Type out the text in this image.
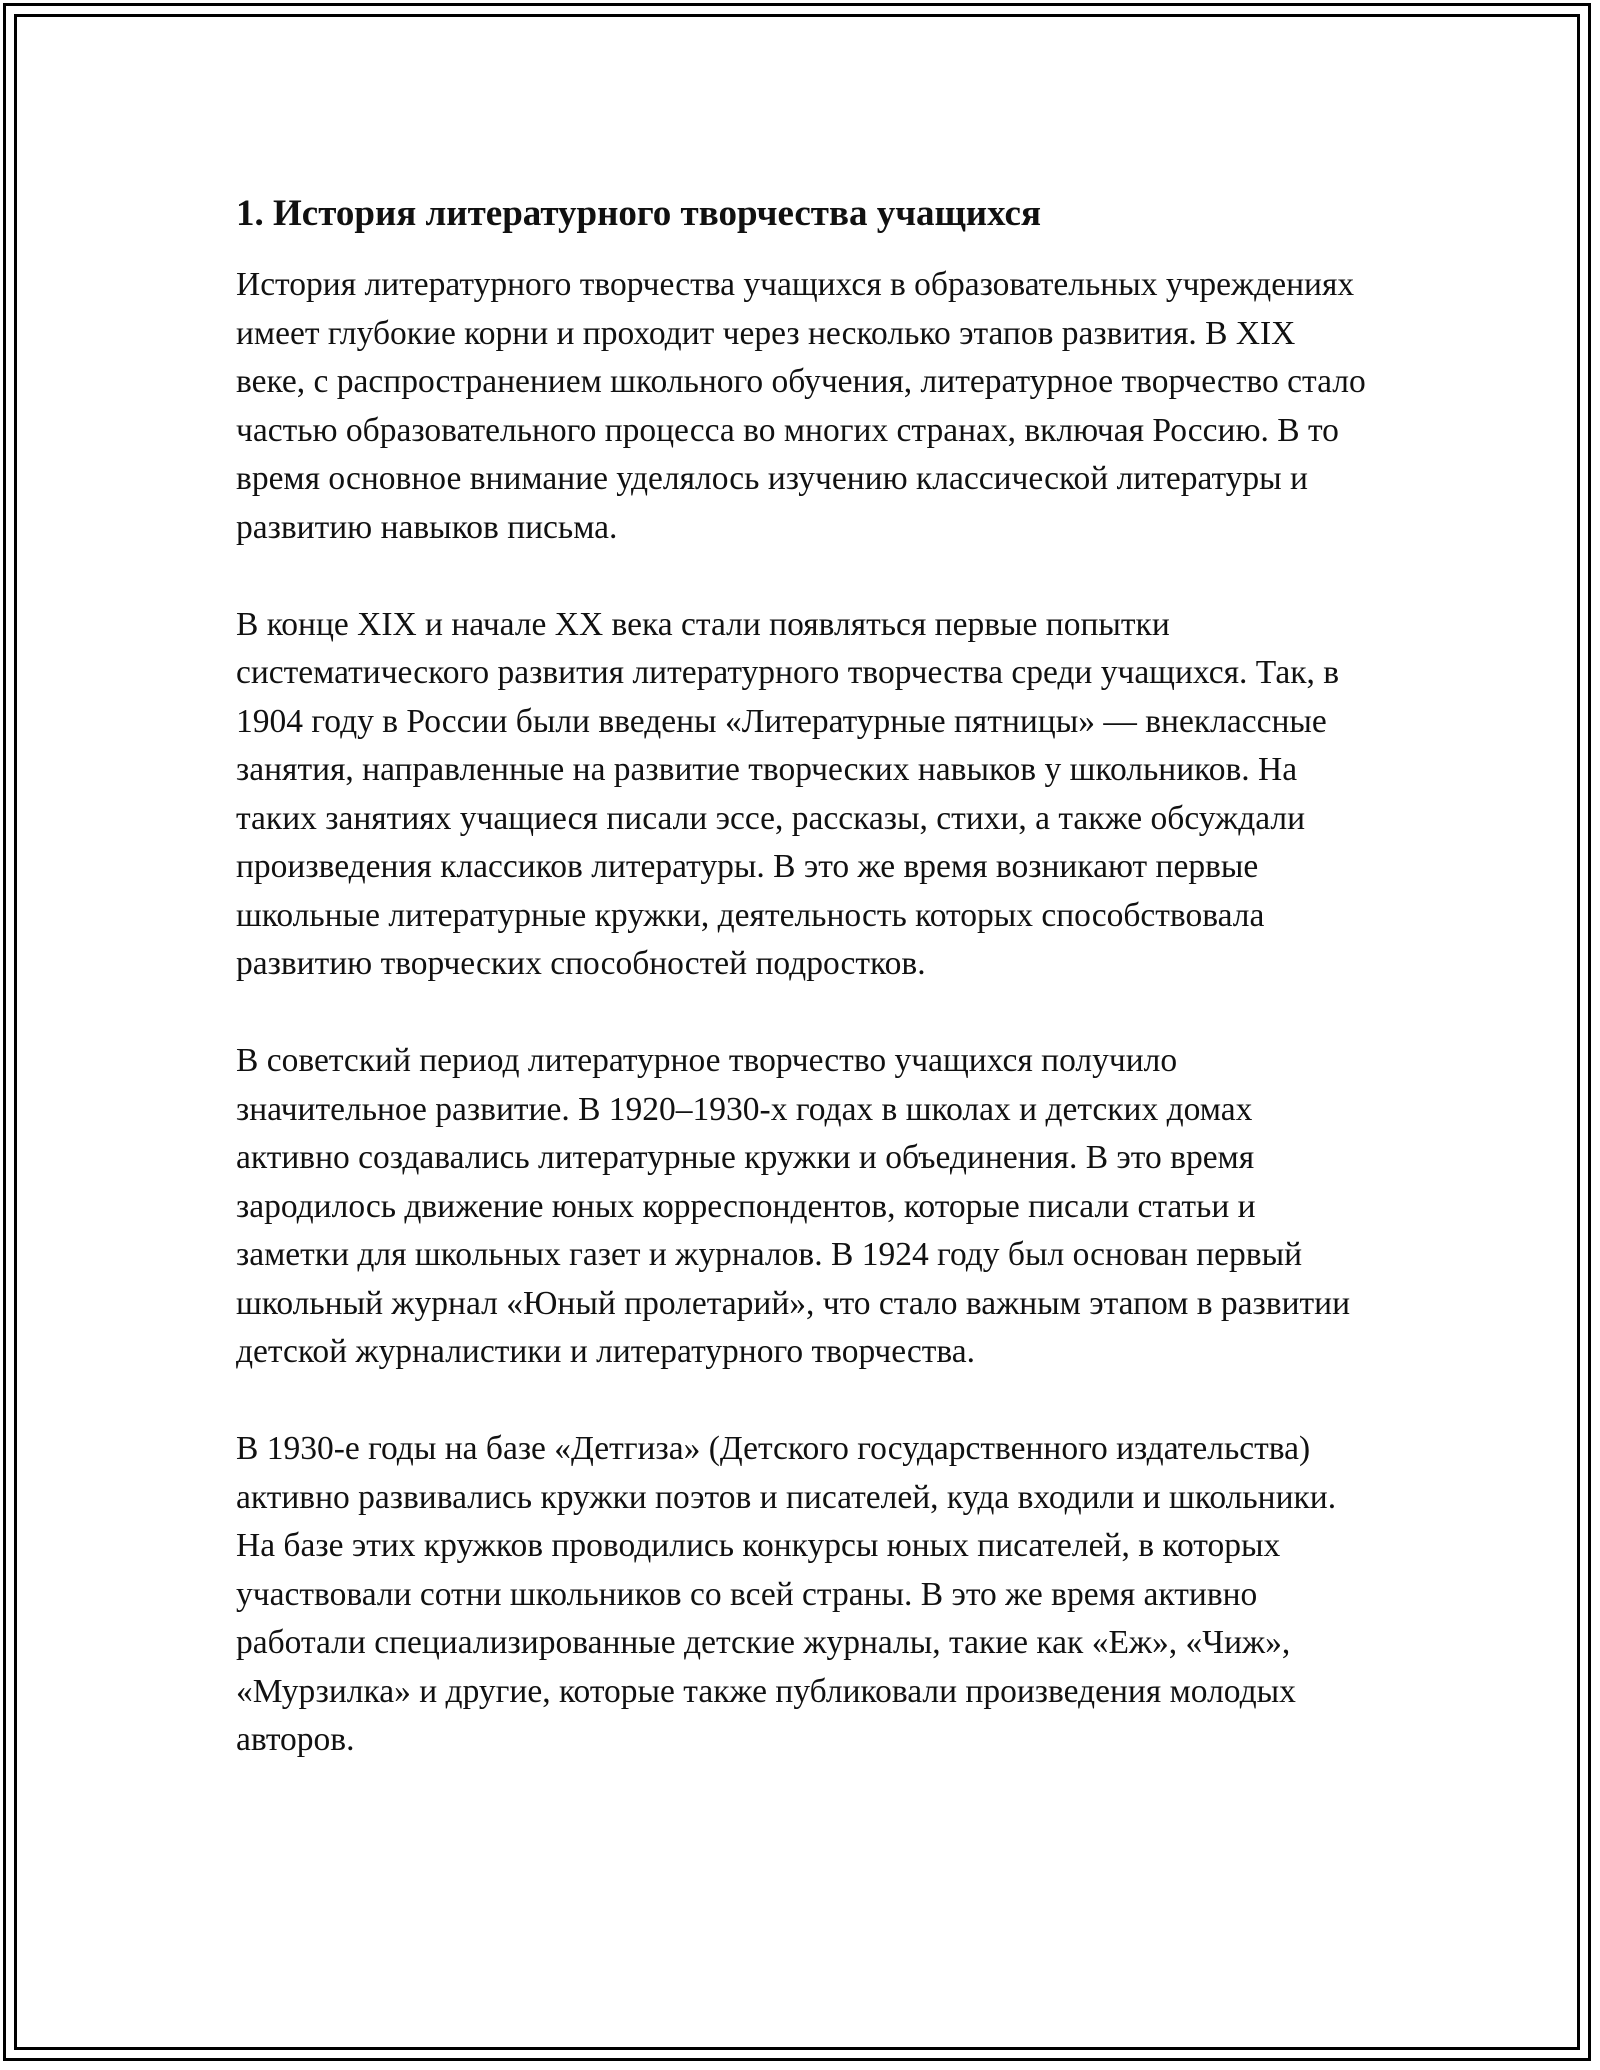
1. История литературного творчества учащихся

История литературного творчества учащихся в образовательных учреждениях имеет глубокие корни и проходит через несколько этапов развития. В XIX веке, с распространением школьного обучения, литературное творчество стало частью образовательного процесса во многих странах, включая Россию. В то время основное внимание уделялось изучению классической литературы и развитию навыков письма.

В конце XIX и начале XX века стали появляться первые попытки систематического развития литературного творчества среди учащихся. Так, в 1904 году в России были введены «Литературные пятницы» — внеклассные занятия, направленные на развитие творческих навыков у школьников. На таких занятиях учащиеся писали эссе, рассказы, стихи, а также обсуждали произведения классиков литературы. В это же время возникают первые школьные литературные кружки, деятельность которых способствовала развитию творческих способностей подростков.

В советский период литературное творчество учащихся получило значительное развитие. В 1920–1930-х годах в школах и детских домах активно создавались литературные кружки и объединения. В это время зародилось движение юных корреспондентов, которые писали статьи и заметки для школьных газет и журналов. В 1924 году был основан первый школьный журнал «Юный пролетарий», что стало важным этапом в развитии детской журналистики и литературного творчества.

В 1930-е годы на базе «Детгиза» (Детского государственного издательства) активно развивались кружки поэтов и писателей, куда входили и школьники. На базе этих кружков проводились конкурсы юных писателей, в которых участвовали сотни школьников со всей страны. В это же время активно работали специализированные детские журналы, такие как «Еж», «Чиж», «Мурзилка» и другие, которые также публиковали произведения молодых авторов.
